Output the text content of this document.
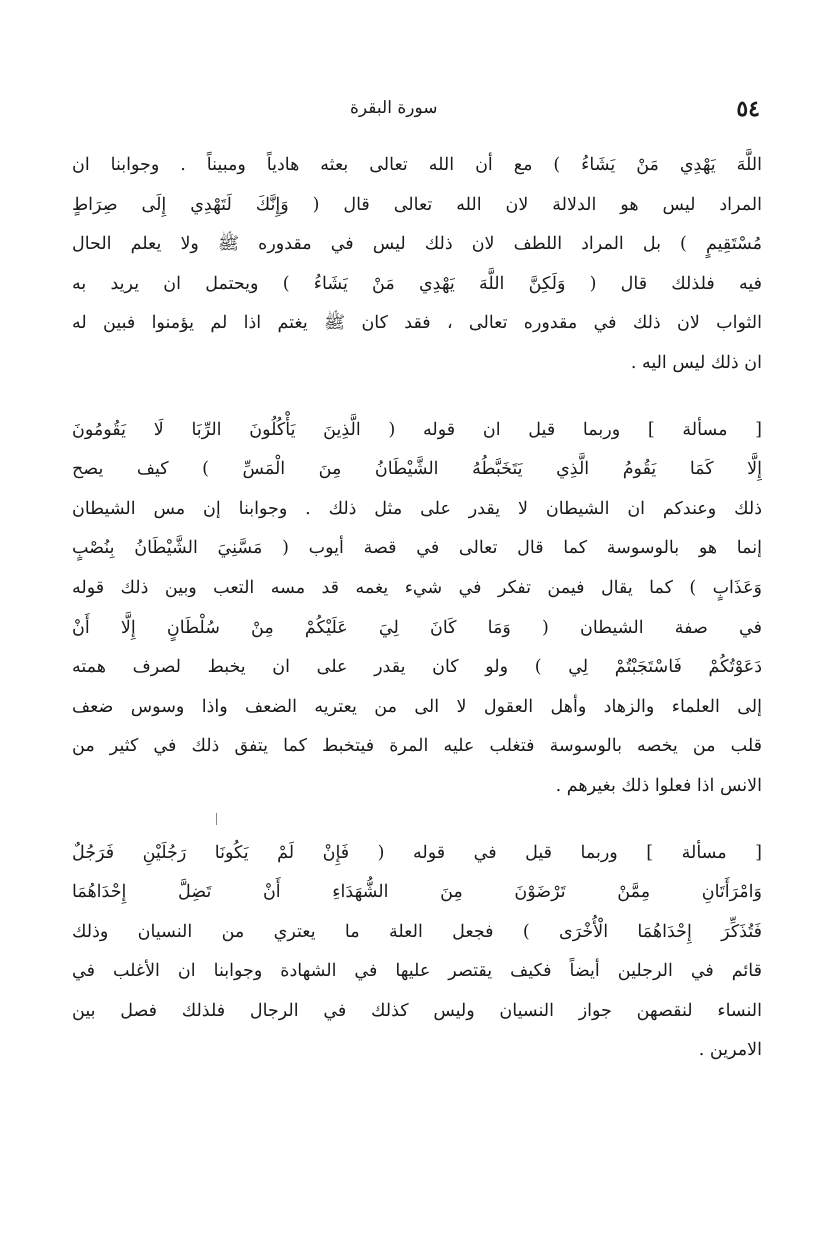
٥٤
سورة البقرة
اللَّهَ يَهْدِي مَنْ يَشَاءُ ) مع أن الله تعالى بعثه هادياً ومبيناً . وجوابنا ان
المراد ليس هو الدلالة لان الله تعالى قال ( وَإِنَّكَ لَتَهْدِي إِلَى صِرَاطٍ
مُسْتَقِيمٍ ) بل المراد اللطف لان ذلك ليس في مقدوره ﷺ ولا يعلم الحال
فيه فلذلك قال ( وَلَكِنَّ اللَّهَ يَهْدِي مَنْ يَشَاءُ ) ويحتمل ان يريد به
الثواب لان ذلك في مقدوره تعالى ، فقد كان ﷺ يغتم اذا لم يؤمنوا فبين له
ان ذلك ليس اليه .
[ مسألة ] وربما قيل ان قوله ( الَّذِينَ يَأْكُلُونَ الرِّبَا لَا يَقُومُونَ
إِلَّا كَمَا يَقُومُ الَّذِي يَتَخَبَّطُهُ الشَّيْطَانُ مِنَ الْمَسِّ ) كيف يصح
ذلك وعندكم ان الشيطان لا يقدر على مثل ذلك . وجوابنا إن مس الشيطان
إنما هو بالوسوسة كما قال تعالى في قصة أيوب ( مَسَّنِيَ الشَّيْطَانُ بِنُصْبٍ
وَعَذَابٍ ) كما يقال فيمن تفكر في شيء يغمه قد مسه التعب وبين ذلك قوله
في صفة الشيطان ( وَمَا كَانَ لِيَ عَلَيْكُمْ مِنْ سُلْطَانٍ إِلَّا أَنْ
دَعَوْتُكُمْ فَاسْتَجَبْتُمْ لِي ) ولو كان يقدر على ان يخبط لصرف همته
إلى العلماء والزهاد وأهل العقول لا الى من يعتريه الضعف واذا وسوس ضعف
قلب من يخصه بالوسوسة فتغلب عليه المرة فيتخبط كما يتفق ذلك في كثير من
الانس اذا فعلوا ذلك بغيرهم .
[ مسألة ] وربما قيل في قوله ( فَإِنْ لَمْ يَكُونَا رَجُلَيْنِ فَرَجُلٌ
وَامْرَأَتَانِ مِمَّنْ تَرْضَوْنَ مِنَ الشُّهَدَاءِ أَنْ تَضِلَّ إِحْدَاهُمَا
فَتُذَكِّرَ إِحْدَاهُمَا الْأُخْرَى ) فجعل العلة ما يعتري من النسيان وذلك
قائم في الرجلين أيضاً فكيف يقتصر عليها في الشهادة وجوابنا ان الأغلب في
النساء لنقصهن جواز النسيان وليس كذلك في الرجال فلذلك فصل بين
الامرين .
